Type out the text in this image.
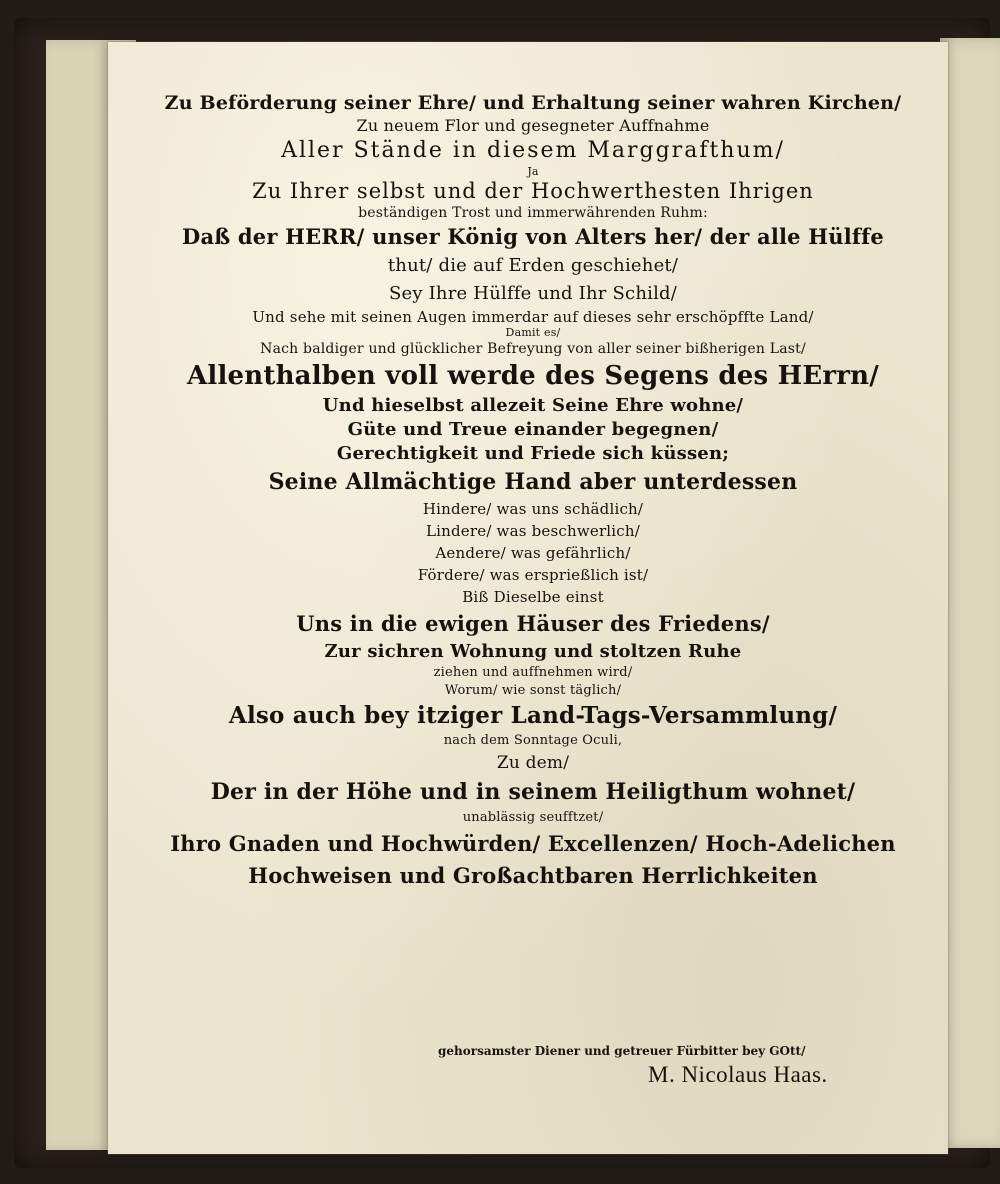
Zu Beförderung seiner Ehre/ und Erhaltung seiner wahren Kirchen/
Zu neuem Flor und gesegneter Auffnahme
Aller Stände in diesem Marggrafthum/
Ja
Zu Ihrer selbst und der Hochwerthesten Ihrigen
beständigen Trost und immerwährenden Ruhm:
Daß der HERR/ unser König von Alters her/ der alle Hülffe
thut/ die auf Erden geschiehet/
Sey Ihre Hülffe und Ihr Schild/
Und sehe mit seinen Augen immerdar auf dieses sehr erschöpffte Land/
Damit es/
Nach baldiger und glücklicher Befreyung von aller seiner bißherigen Last/
Allenthalben voll werde des Segens des HErrn/
Und hieselbst allezeit Seine Ehre wohne/
Güte und Treue einander begegnen/
Gerechtigkeit und Friede sich küssen;
Seine Allmächtige Hand aber unterdessen
Hindere/ was uns schädlich/
Lindere/ was beschwerlich/
Aendere/ was gefährlich/
Fördere/ was ersprießlich ist/
Biß Dieselbe einst
Uns in die ewigen Häuser des Friedens/
Zur sichren Wohnung und stoltzen Ruhe
ziehen und auffnehmen wird/
Worum/ wie sonst täglich/
Also auch bey itziger Land-Tags-Versammlung/
nach dem Sonntage Oculi,
Zu dem/
Der in der Höhe und in seinem Heiligthum wohnet/
unablässig seufftzet/
Ihro Gnaden und Hochwürden/ Excellenzen/ Hoch-Adelichen
Hochweisen und Großachtbaren Herrlichkeiten
gehorsamster Diener und getreuer Fürbitter bey GOtt/
M. Nicolaus Haas.
